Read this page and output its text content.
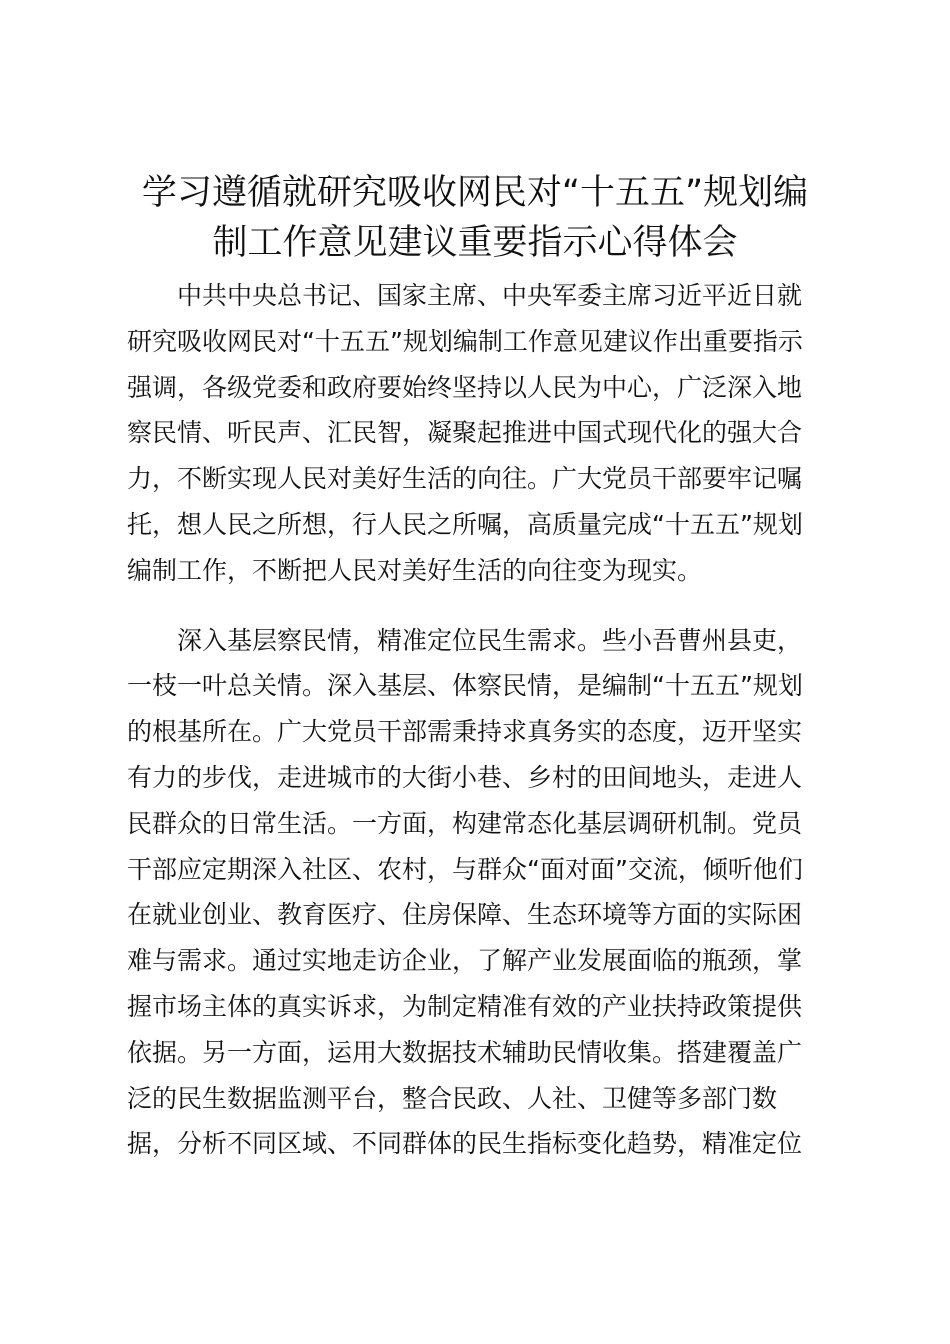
学习遵循就研究吸收网民对“十五五”规划编
制工作意见建议重要指示心得体会
中共中央总书记、国家主席、中央军委主席习近平近日就
研究吸收网民对“十五五”规划编制工作意见建议作出重要指示
强调，各级党委和政府要始终坚持以人民为中心，广泛深入地
察民情、听民声、汇民智，凝聚起推进中国式现代化的强大合
力，不断实现人民对美好生活的向往。广大党员干部要牢记嘱
托，想人民之所想，行人民之所嘱，高质量完成“十五五”规划
编制工作，不断把人民对美好生活的向往变为现实。
深入基层察民情，精准定位民生需求。些小吾曹州县吏，
一枝一叶总关情。深入基层、体察民情，是编制“十五五”规划
的根基所在。广大党员干部需秉持求真务实的态度，迈开坚实
有力的步伐，走进城市的大街小巷、乡村的田间地头，走进人
民群众的日常生活。一方面，构建常态化基层调研机制。党员
干部应定期深入社区、农村，与群众“面对面”交流，倾听他们
在就业创业、教育医疗、住房保障、生态环境等方面的实际困
难与需求。通过实地走访企业，了解产业发展面临的瓶颈，掌
握市场主体的真实诉求，为制定精准有效的产业扶持政策提供
依据。另一方面，运用大数据技术辅助民情收集。搭建覆盖广
泛的民生数据监测平台，整合民政、人社、卫健等多部门数
据，分析不同区域、不同群体的民生指标变化趋势，精准定位
